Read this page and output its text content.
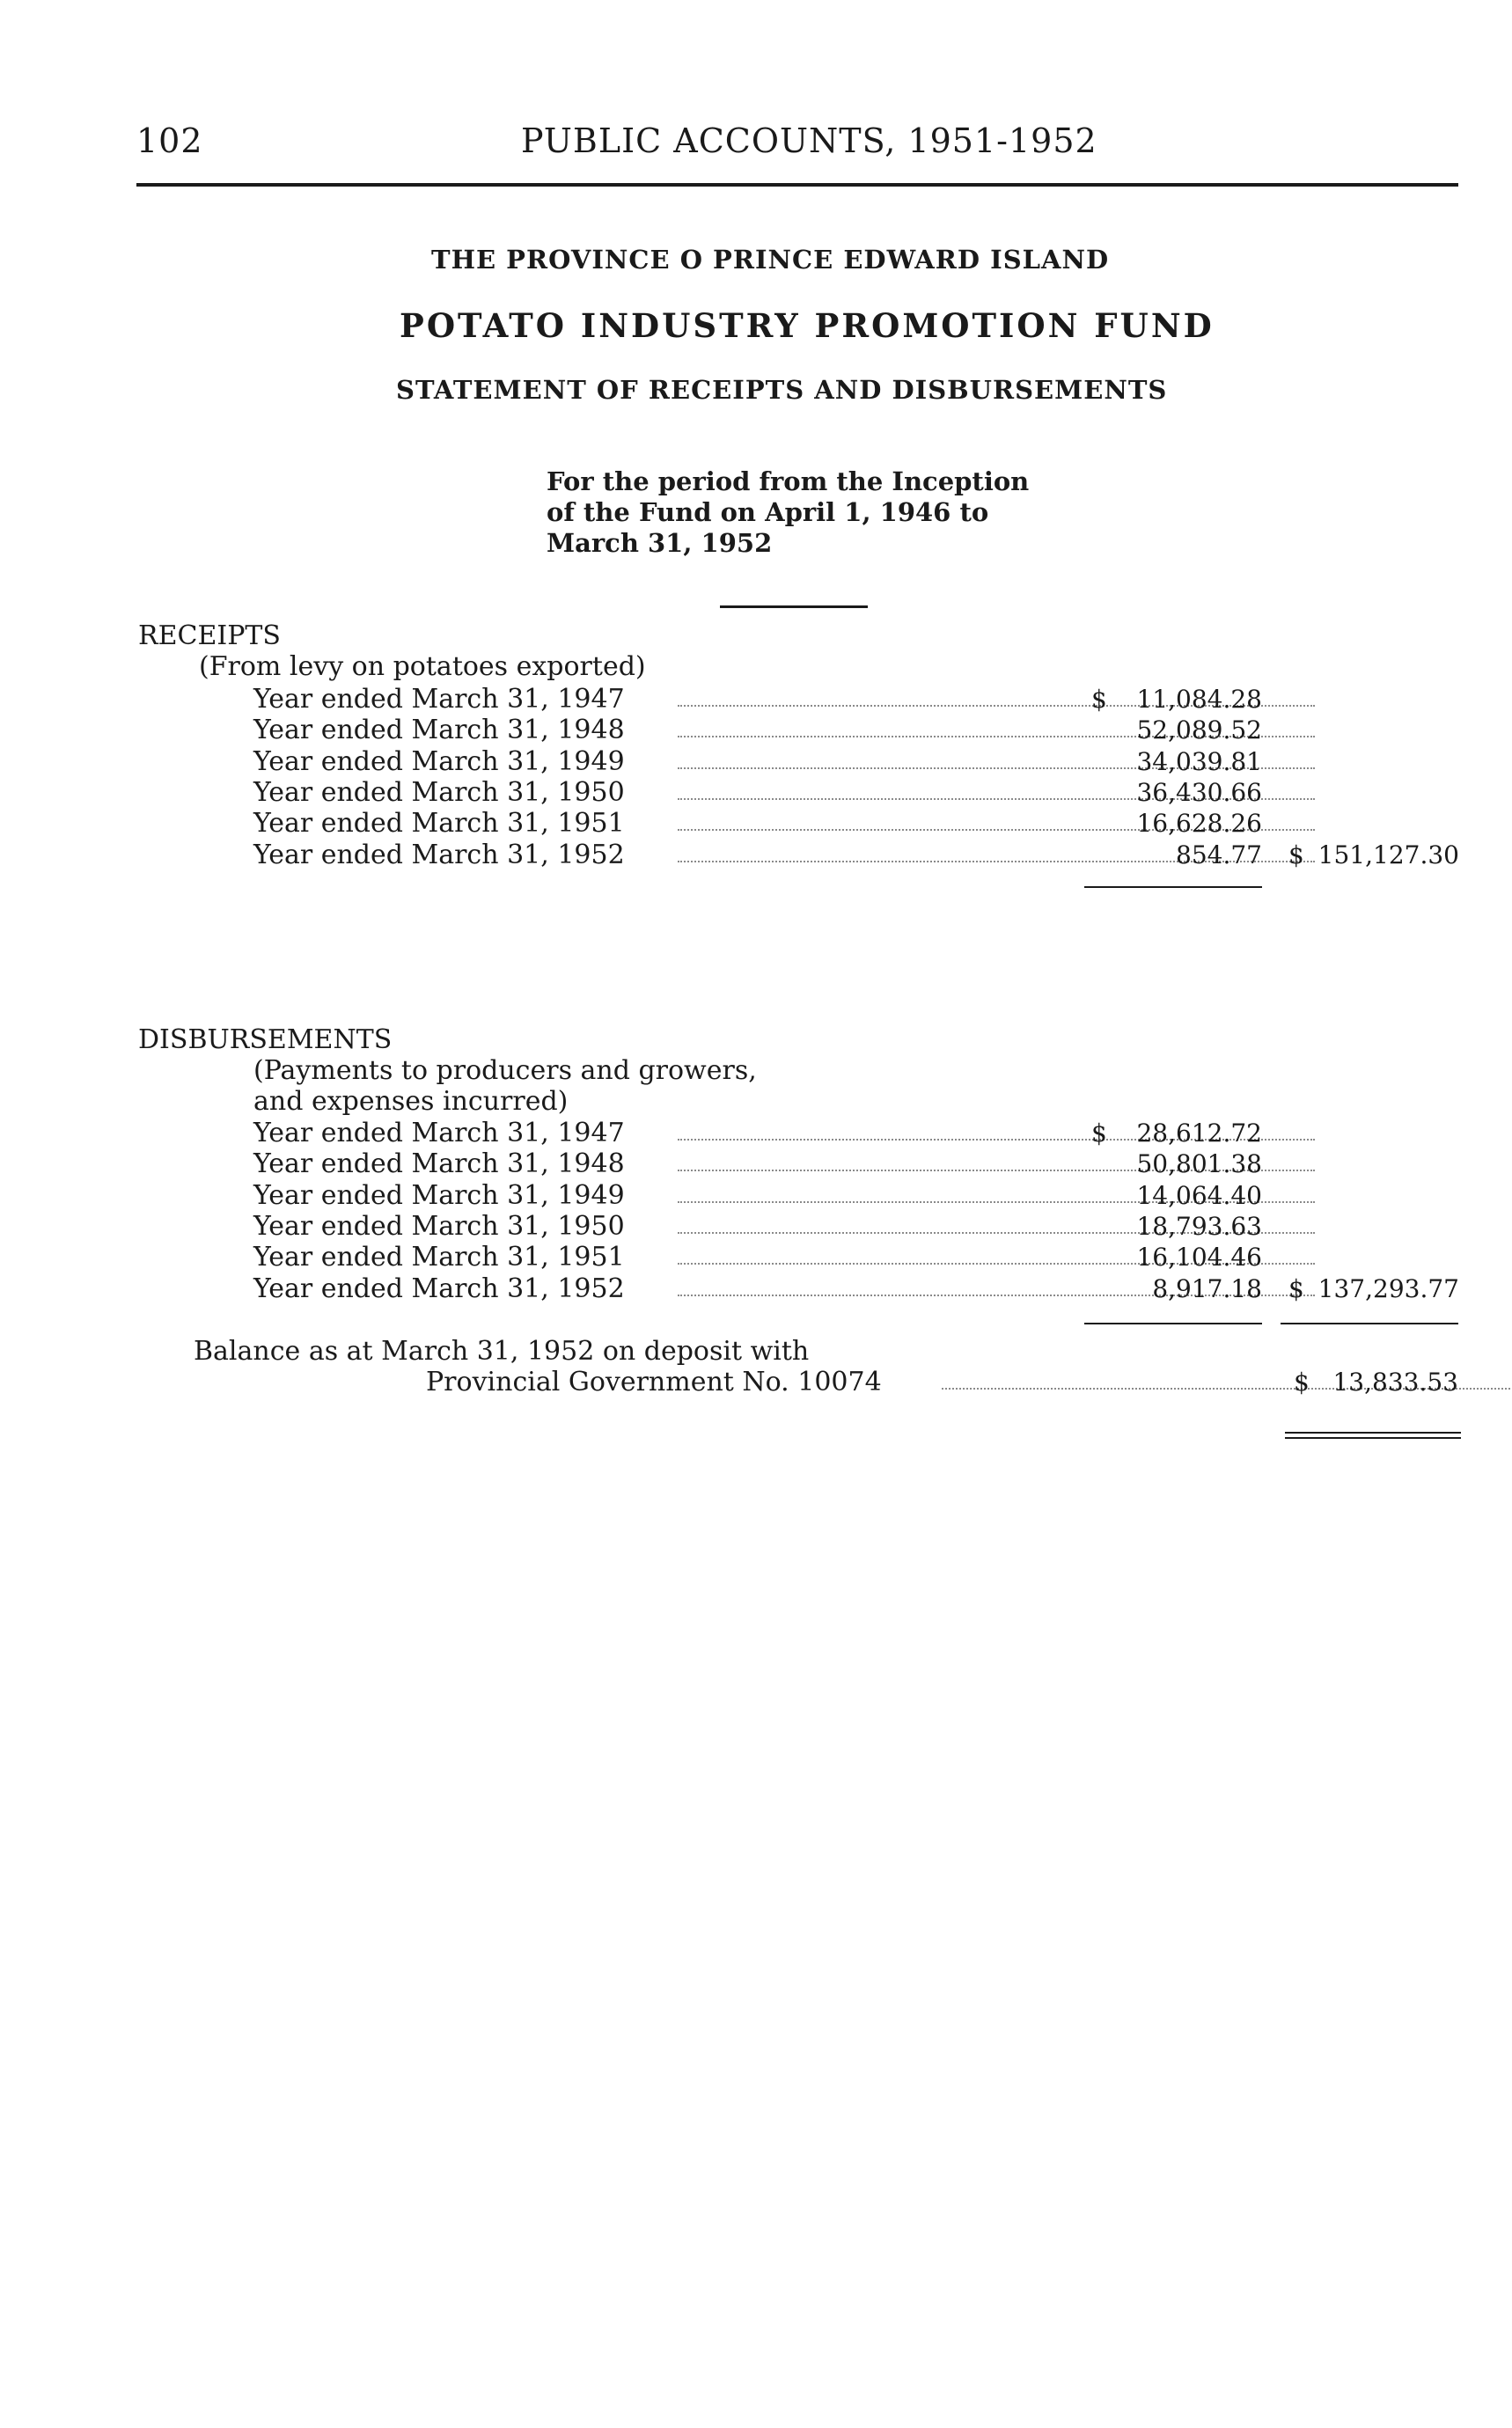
102	PUBLIC ACCOUNTS, 1951-1952
THE PROVINCE O PRINCE EDWARD ISLAND
POTATO INDUSTRY PROMOTION FUND
STATEMENT OF RECEIPTS AND DISBURSEMENTS
For the period from the Inception
of the Fund on April 1, 1946 to
March 31, 1952
RECEIPTS
(From levy on potatoes exported)
Year ended March 31, 1947	$ 11,084.28
Year ended March 31, 1948	52,089.52
Year ended March 31, 1949	34,039.81
Year ended March 31, 1950	36,430.66
Year ended March 31, 1951	16,628.26
Year ended March 31, 1952	854.77 $ 151,127.30
DISBURSEMENTS
(Payments to producers and growers,
and expenses incurred)
Year ended March 31, 1947	$ 28,612.72
Year ended March 31, 1948	50,801.38
Year ended March 31, 1949	14,064.40
Year ended March 31, 1950	18,793.63
Year ended March 31, 1951	16,104.46
Year ended March 31, 1952	8,917.18 $ 137,293.77
Balance as at March 31, 1952 on deposit with
Provincial Government No. 10074	$ 13,833.53
